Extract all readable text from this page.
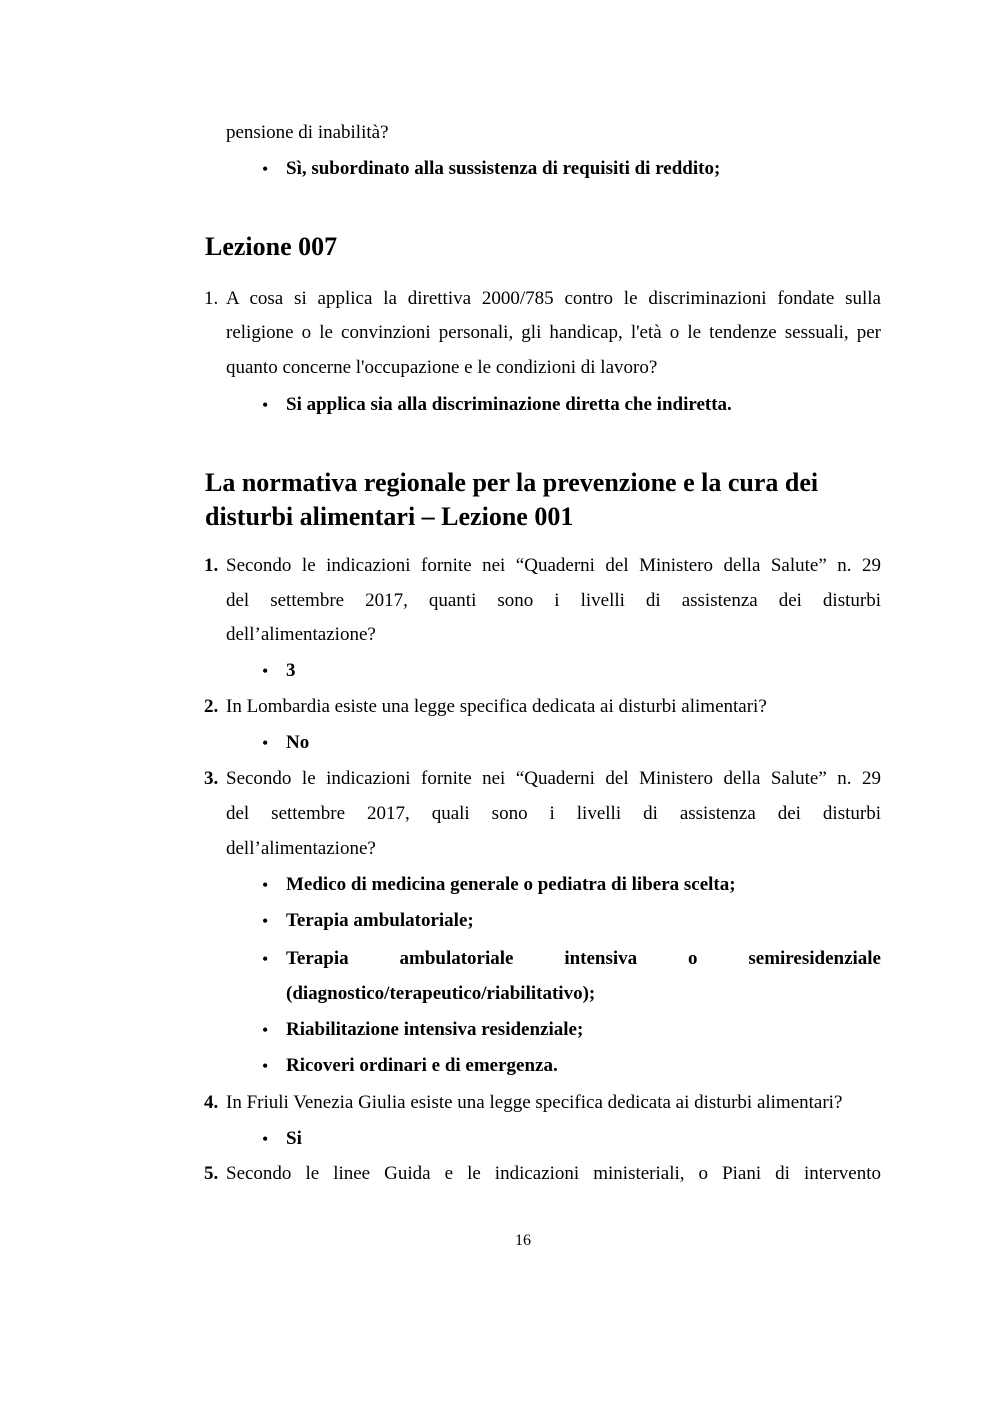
pensione di inabilità?
• Sì, subordinato alla sussistenza di requisiti di reddito;
Lezione 007
1. A cosa si applica la direttiva 2000/785 contro le discriminazioni fondate sulla
religione o le convinzioni personali, gli handicap, l'età o le tendenze sessuali, per
quanto concerne l'occupazione e le condizioni di lavoro?
• Si applica sia alla discriminazione diretta che indiretta.
La normativa regionale per la prevenzione e la cura dei
disturbi alimentari – Lezione 001
1. Secondo le indicazioni fornite nei “Quaderni del Ministero della Salute” n. 29
del settembre 2017, quanti sono i livelli di assistenza dei disturbi
dell’alimentazione?
• 3
2. In Lombardia esiste una legge specifica dedicata ai disturbi alimentari?
• No
3. Secondo le indicazioni fornite nei “Quaderni del Ministero della Salute” n. 29
del settembre 2017, quali sono i livelli di assistenza dei disturbi
dell’alimentazione?
• Medico di medicina generale o pediatra di libera scelta;
• Terapia ambulatoriale;
• Terapia ambulatoriale intensiva o semiresidenziale
(diagnostico/terapeutico/riabilitativo);
• Riabilitazione intensiva residenziale;
• Ricoveri ordinari e di emergenza.
4. In Friuli Venezia Giulia esiste una legge specifica dedicata ai disturbi alimentari?
• Si
5. Secondo le linee Guida e le indicazioni ministeriali, o Piani di intervento
16
